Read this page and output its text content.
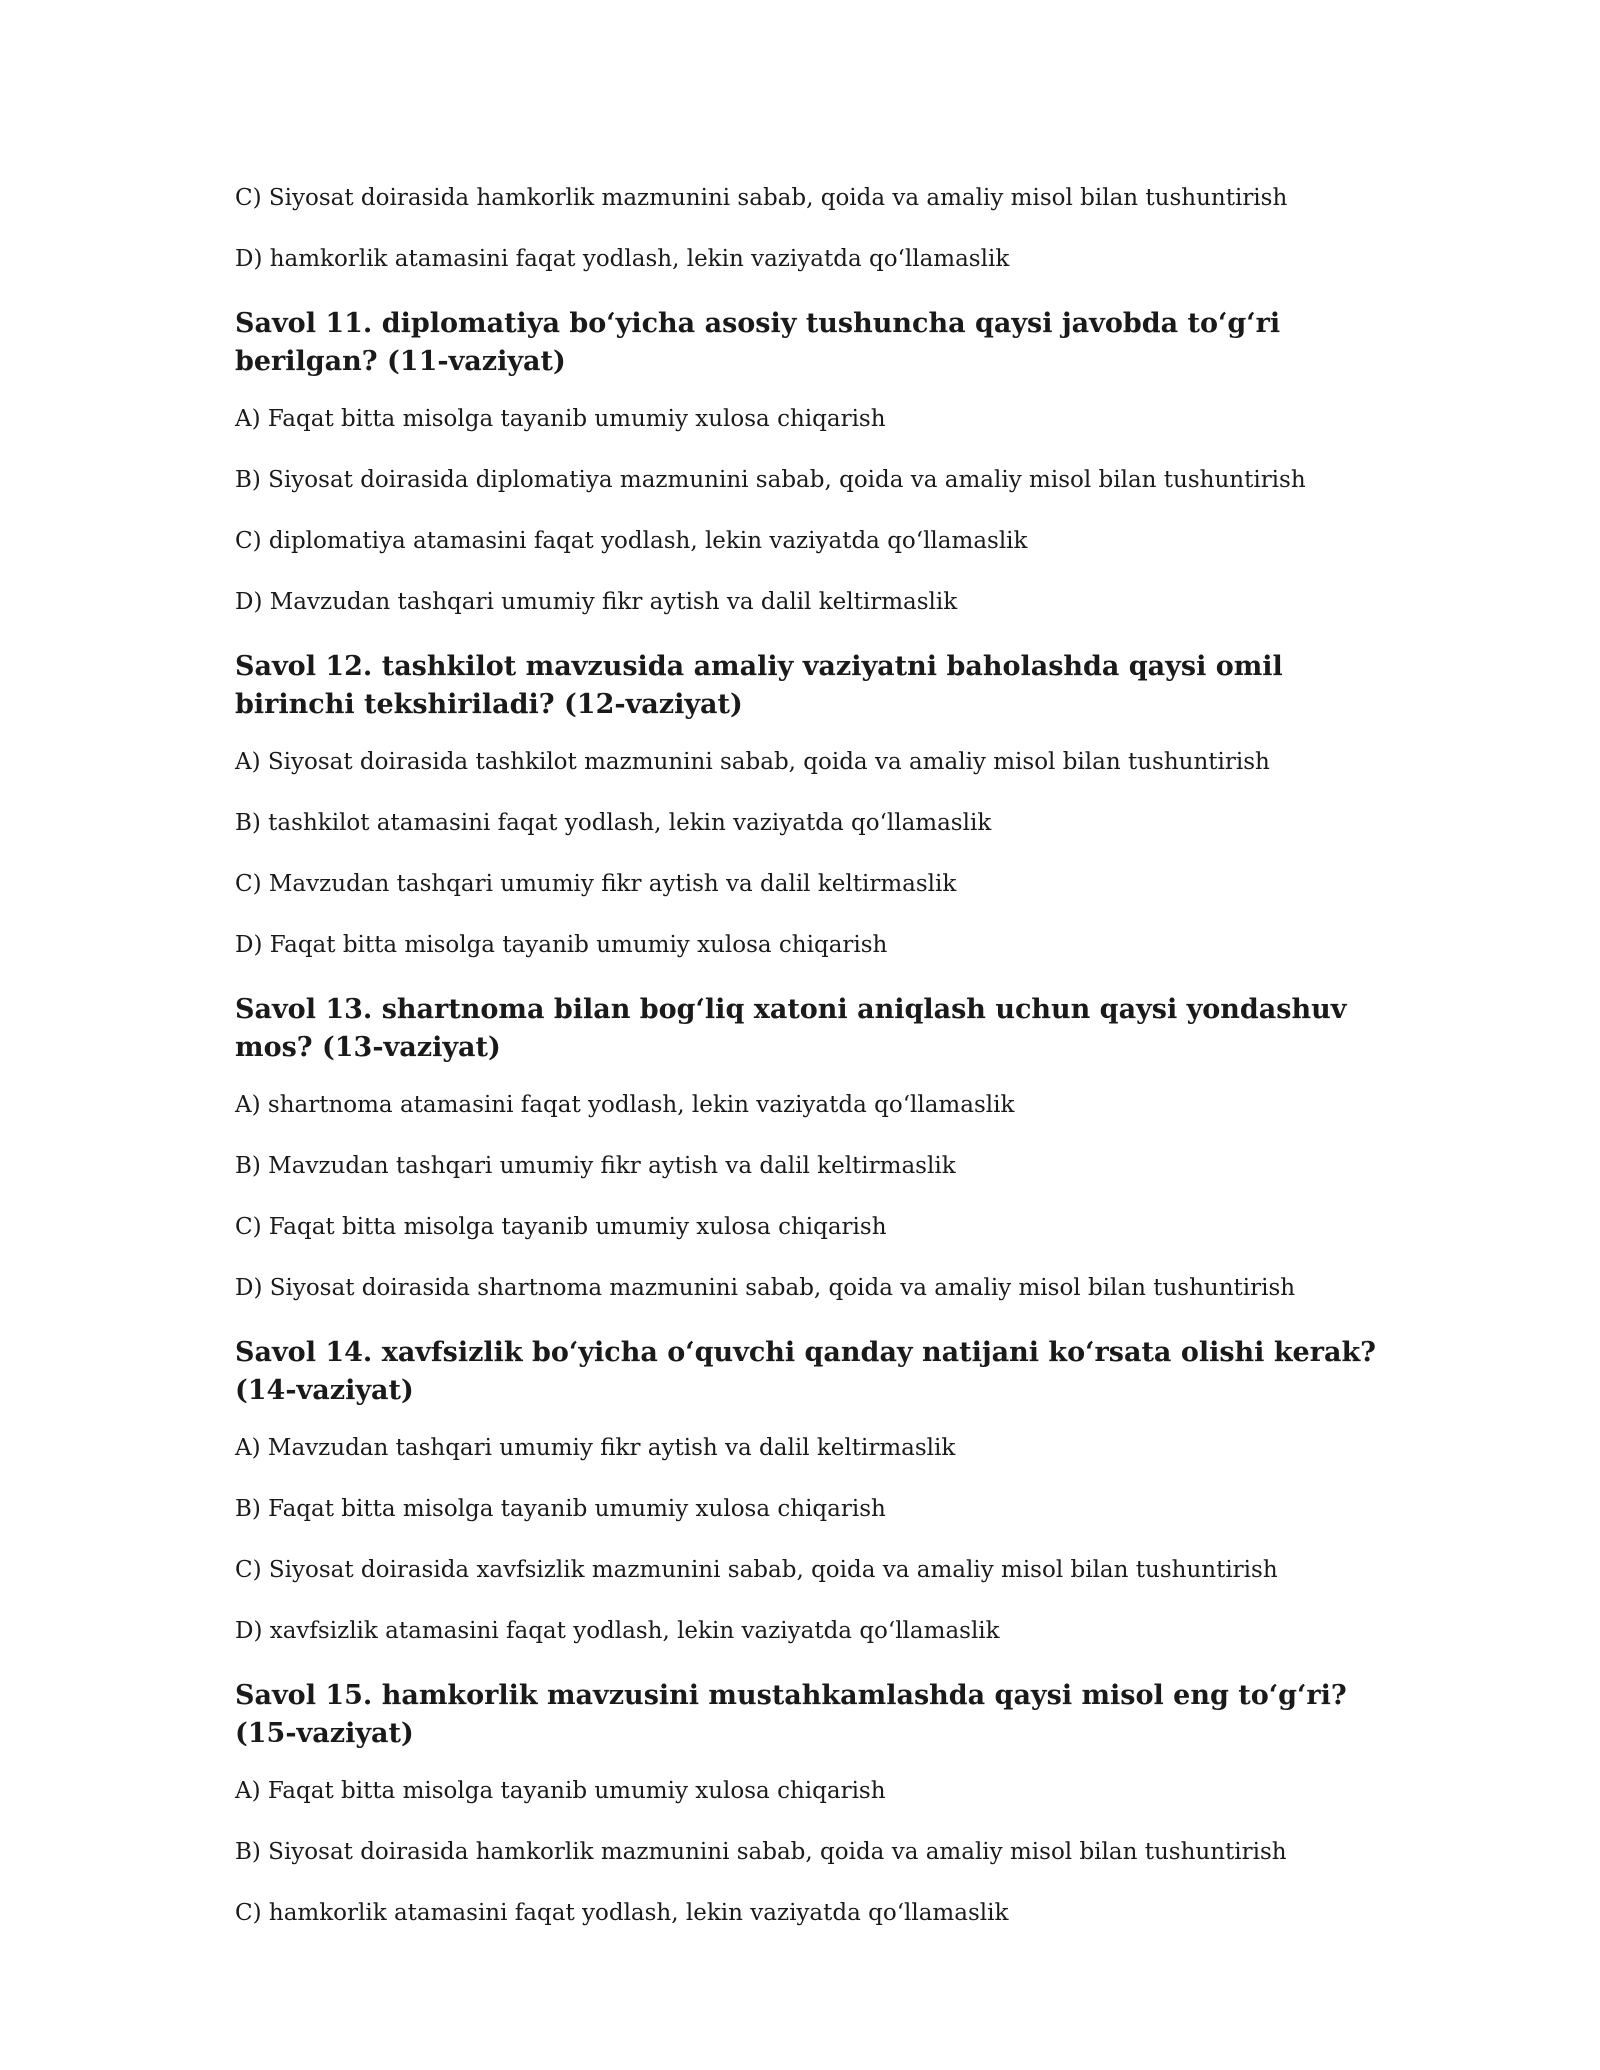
C) Siyosat doirasida hamkorlik mazmunini sabab, qoida va amaliy misol bilan tushuntirish

D) hamkorlik atamasini faqat yodlash, lekin vaziyatda qo‘llamaslik

Savol 11. diplomatiya bo‘yicha asosiy tushuncha qaysi javobda to‘g‘ri berilgan? (11-vaziyat)

A) Faqat bitta misolga tayanib umumiy xulosa chiqarish

B) Siyosat doirasida diplomatiya mazmunini sabab, qoida va amaliy misol bilan tushuntirish

C) diplomatiya atamasini faqat yodlash, lekin vaziyatda qo‘llamaslik

D) Mavzudan tashqari umumiy fikr aytish va dalil keltirmaslik

Savol 12. tashkilot mavzusida amaliy vaziyatni baholashda qaysi omil birinchi tekshiriladi? (12-vaziyat)

A) Siyosat doirasida tashkilot mazmunini sabab, qoida va amaliy misol bilan tushuntirish

B) tashkilot atamasini faqat yodlash, lekin vaziyatda qo‘llamaslik

C) Mavzudan tashqari umumiy fikr aytish va dalil keltirmaslik

D) Faqat bitta misolga tayanib umumiy xulosa chiqarish

Savol 13. shartnoma bilan bog‘liq xatoni aniqlash uchun qaysi yondashuv mos? (13-vaziyat)

A) shartnoma atamasini faqat yodlash, lekin vaziyatda qo‘llamaslik

B) Mavzudan tashqari umumiy fikr aytish va dalil keltirmaslik

C) Faqat bitta misolga tayanib umumiy xulosa chiqarish

D) Siyosat doirasida shartnoma mazmunini sabab, qoida va amaliy misol bilan tushuntirish

Savol 14. xavfsizlik bo‘yicha o‘quvchi qanday natijani ko‘rsata olishi kerak? (14-vaziyat)

A) Mavzudan tashqari umumiy fikr aytish va dalil keltirmaslik

B) Faqat bitta misolga tayanib umumiy xulosa chiqarish

C) Siyosat doirasida xavfsizlik mazmunini sabab, qoida va amaliy misol bilan tushuntirish

D) xavfsizlik atamasini faqat yodlash, lekin vaziyatda qo‘llamaslik

Savol 15. hamkorlik mavzusini mustahkamlashda qaysi misol eng to‘g‘ri? (15-vaziyat)

A) Faqat bitta misolga tayanib umumiy xulosa chiqarish

B) Siyosat doirasida hamkorlik mazmunini sabab, qoida va amaliy misol bilan tushuntirish

C) hamkorlik atamasini faqat yodlash, lekin vaziyatda qo‘llamaslik
